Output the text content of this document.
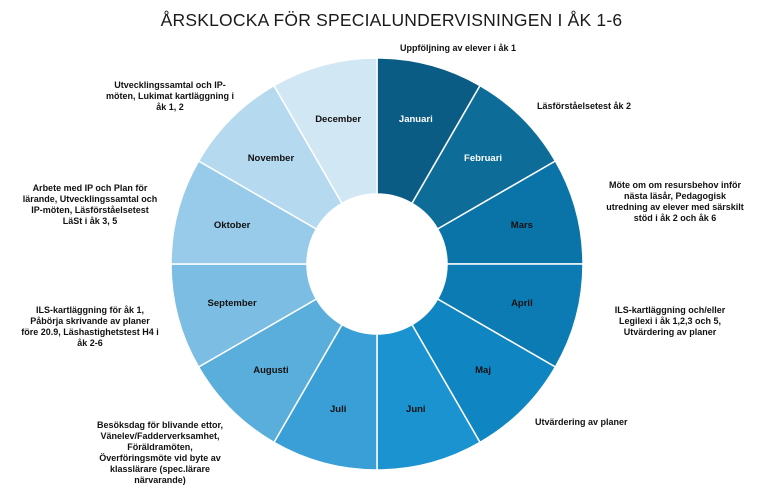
ÅRSKLOCKA FÖR SPECIALUNDERVISNINGEN I ÅK 1-6
Januari
Februari
Mars
April
Maj
Juni
Juli
Augusti
September
Oktober
November
December
Uppföljning av elever i åk 1
Läsförståelsetest åk 2
Möte om om resursbehov inför
nästa läsår, Pedagogisk
utredning av elever med särskilt
stöd i åk 2 och åk 6
ILS-kartläggning och/eller
Legilexi i åk 1,2,3 och 5,
Utvärdering av planer
Utvärdering av planer
Besöksdag för blivande ettor,
Vänelev/Fadderverksamhet,
Föräldramöten,
Överföringsmöte vid byte av
klasslärare (spec.lärare
närvarande)
ILS-kartläggning för åk 1,
Påbörja skrivande av planer
före 20.9, Läshastighetstest H4 i
åk 2-6
Arbete med IP och Plan för
lärande, Utvecklingssamtal och
IP-möten, Läsförståelsetest
LäSt i åk 3, 5
Utvecklingssamtal och IP-
möten, Lukimat kartläggning i
åk 1, 2
